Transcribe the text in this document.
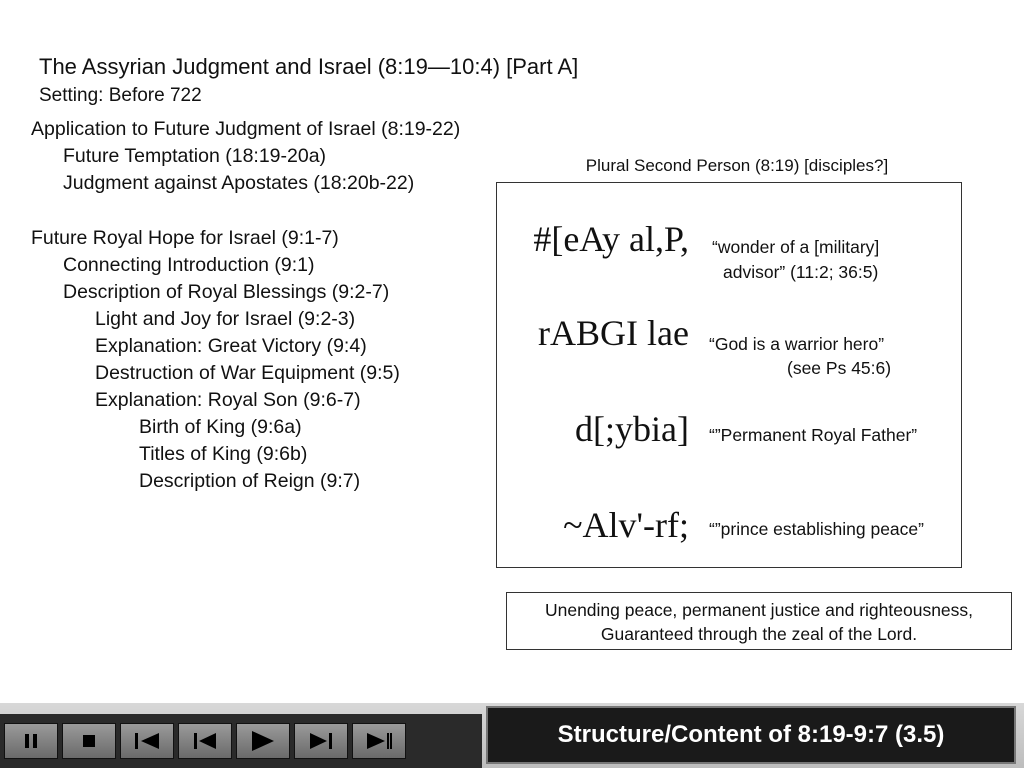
The Assyrian Judgment and Israel (8:19—10:4) [Part A]
Setting: Before 722
Application to Future Judgment of Israel (8:19-22)
Future Temptation (18:19-20a)
Judgment against Apostates (18:20b-22)
Future Royal Hope for Israel (9:1-7)
Connecting Introduction (9:1)
Description of Royal Blessings (9:2-7)
Light and Joy for Israel (9:2-3)
Explanation: Great Victory (9:4)
Destruction of War Equipment (9:5)
Explanation: Royal Son (9:6-7)
Birth of King (9:6a)
Titles of King (9:6b)
Description of Reign (9:7)
Plural Second Person (8:19) [disciples?]
#[eAy al,P, “wonder of a [military]
advisor” (11:2; 36:5)
rABGI lae “God is a warrior hero”
(see Ps 45:6)
d[;ybia] “”Permanent Royal Father”
~Alv'-rf; “”prince establishing peace”
Unending peace, permanent justice and righteousness,
Guaranteed through the zeal of the Lord.
Structure/Content of 8:19-9:7 (3.5)
